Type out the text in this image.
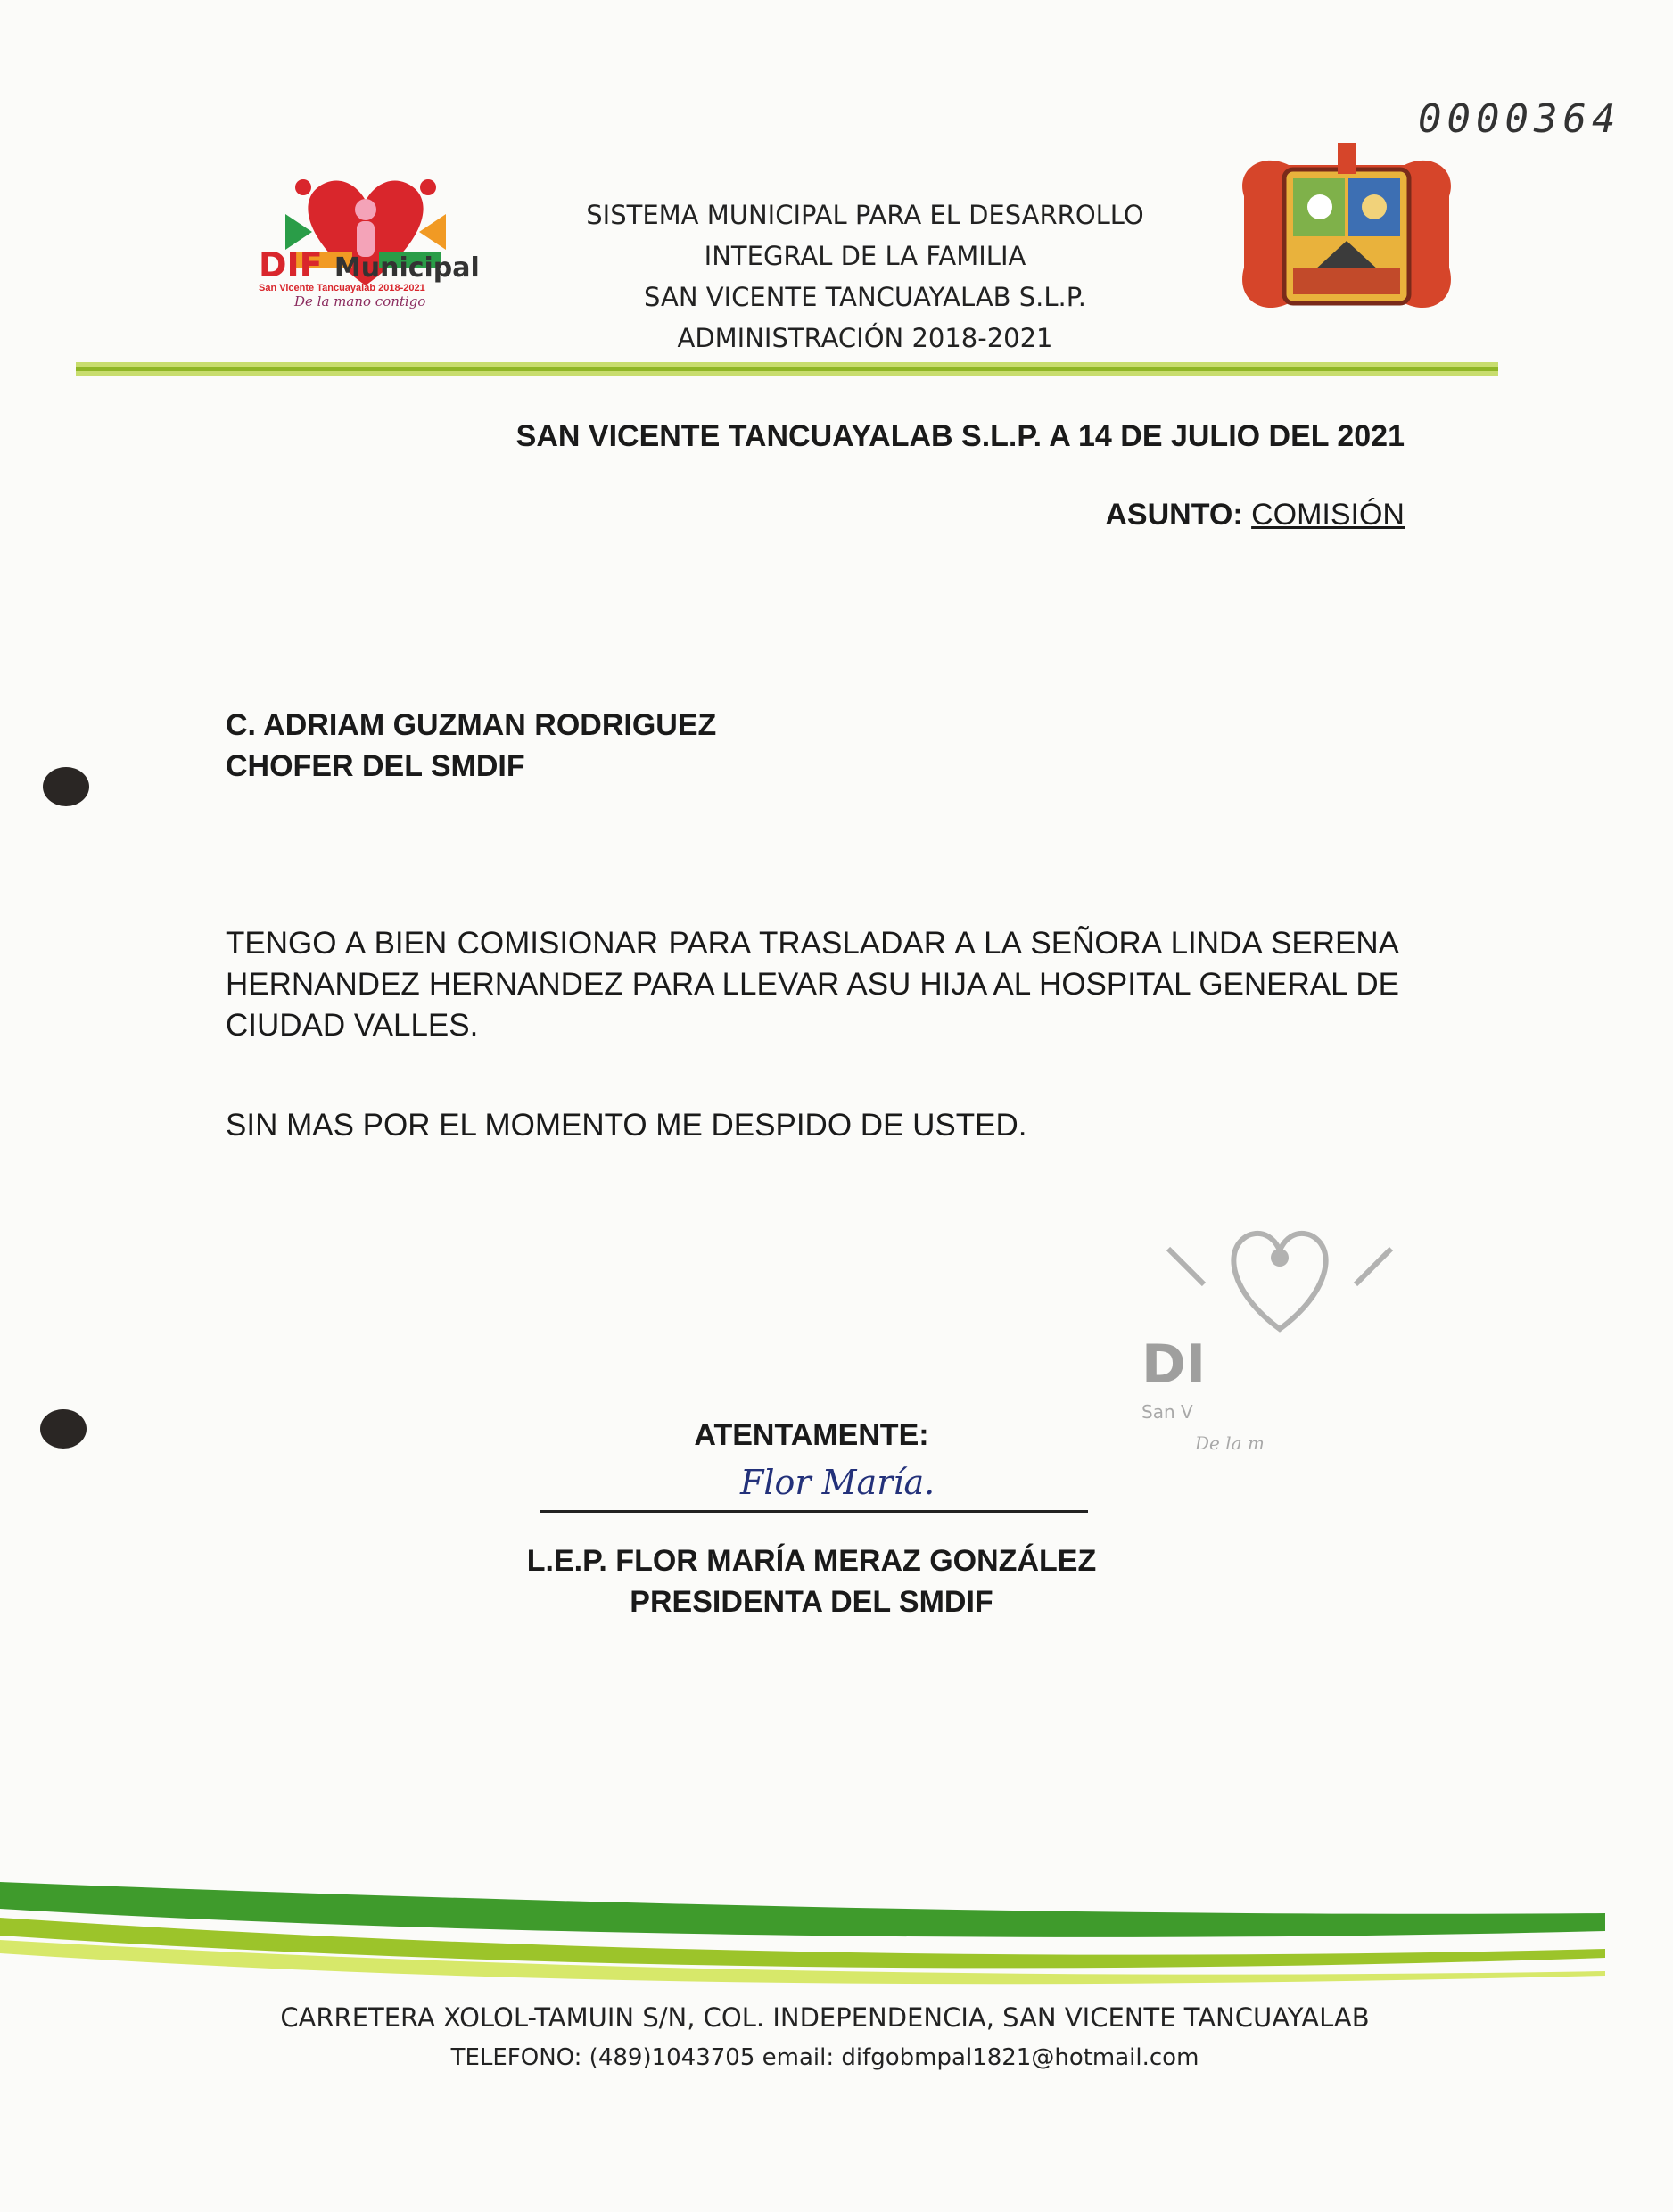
0000364
DIF Municipal
San Vicente Tancuayalab 2018-2021
De la mano contigo
SISTEMA MUNICIPAL PARA EL DESARROLLO
INTEGRAL DE LA FAMILIA
SAN VICENTE TANCUAYALAB S.L.P.
ADMINISTRACIÓN 2018-2021
SAN VICENTE TANCUAYALAB S.L.P. A 14 DE JULIO DEL 2021
ASUNTO: COMISIÓN
C. ADRIAM GUZMAN RODRIGUEZ
CHOFER DEL SMDIF
TENGO A BIEN COMISIONAR PARA TRASLADAR A LA SEÑORA LINDA SERENA HERNANDEZ HERNANDEZ PARA LLEVAR ASU HIJA AL HOSPITAL GENERAL DE CIUDAD VALLES.
SIN MAS POR EL MOMENTO ME DESPIDO DE USTED.
DI
San V
De la m
ATENTAMENTE:
Flor María.
L.E.P. FLOR MARÍA MERAZ GONZÁLEZ
PRESIDENTA DEL SMDIF
CARRETERA XOLOL-TAMUIN S/N, COL. INDEPENDENCIA, SAN VICENTE TANCUAYALAB
TELEFONO: (489)1043705 email: difgobmpal1821@hotmail.com
